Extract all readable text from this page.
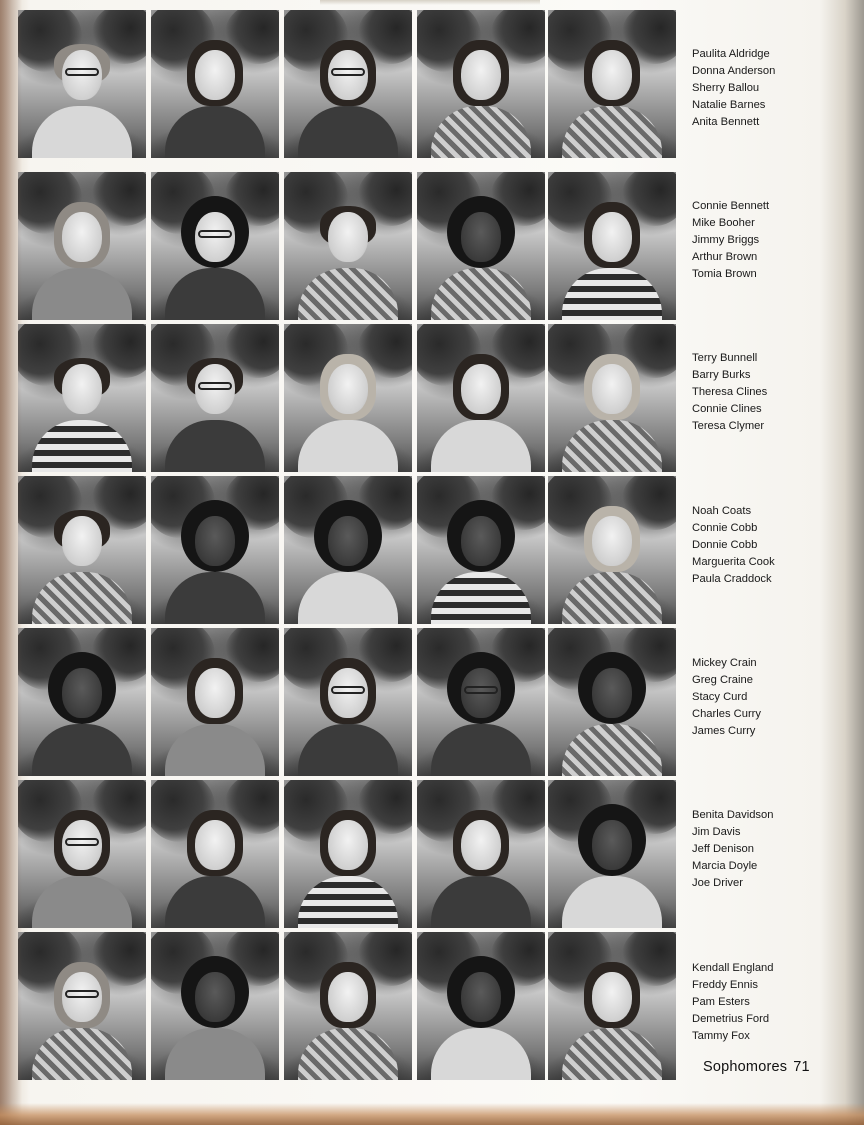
Paulita Aldridge
Donna Anderson
Sherry Ballou
Natalie Barnes
Anita Bennett
Connie Bennett
Mike Booher
Jimmy Briggs
Arthur Brown
Tomia Brown
Terry Bunnell
Barry Burks
Theresa Clines
Connie Clines
Teresa Clymer
Noah Coats
Connie Cobb
Donnie Cobb
Marguerita Cook
Paula Craddock
Mickey Crain
Greg Craine
Stacy Curd
Charles Curry
James Curry
Benita Davidson
Jim Davis
Jeff Denison
Marcia Doyle
Joe Driver
Kendall England
Freddy Ennis
Pam Esters
Demetrius Ford
Tammy Fox
Sophomores 71
